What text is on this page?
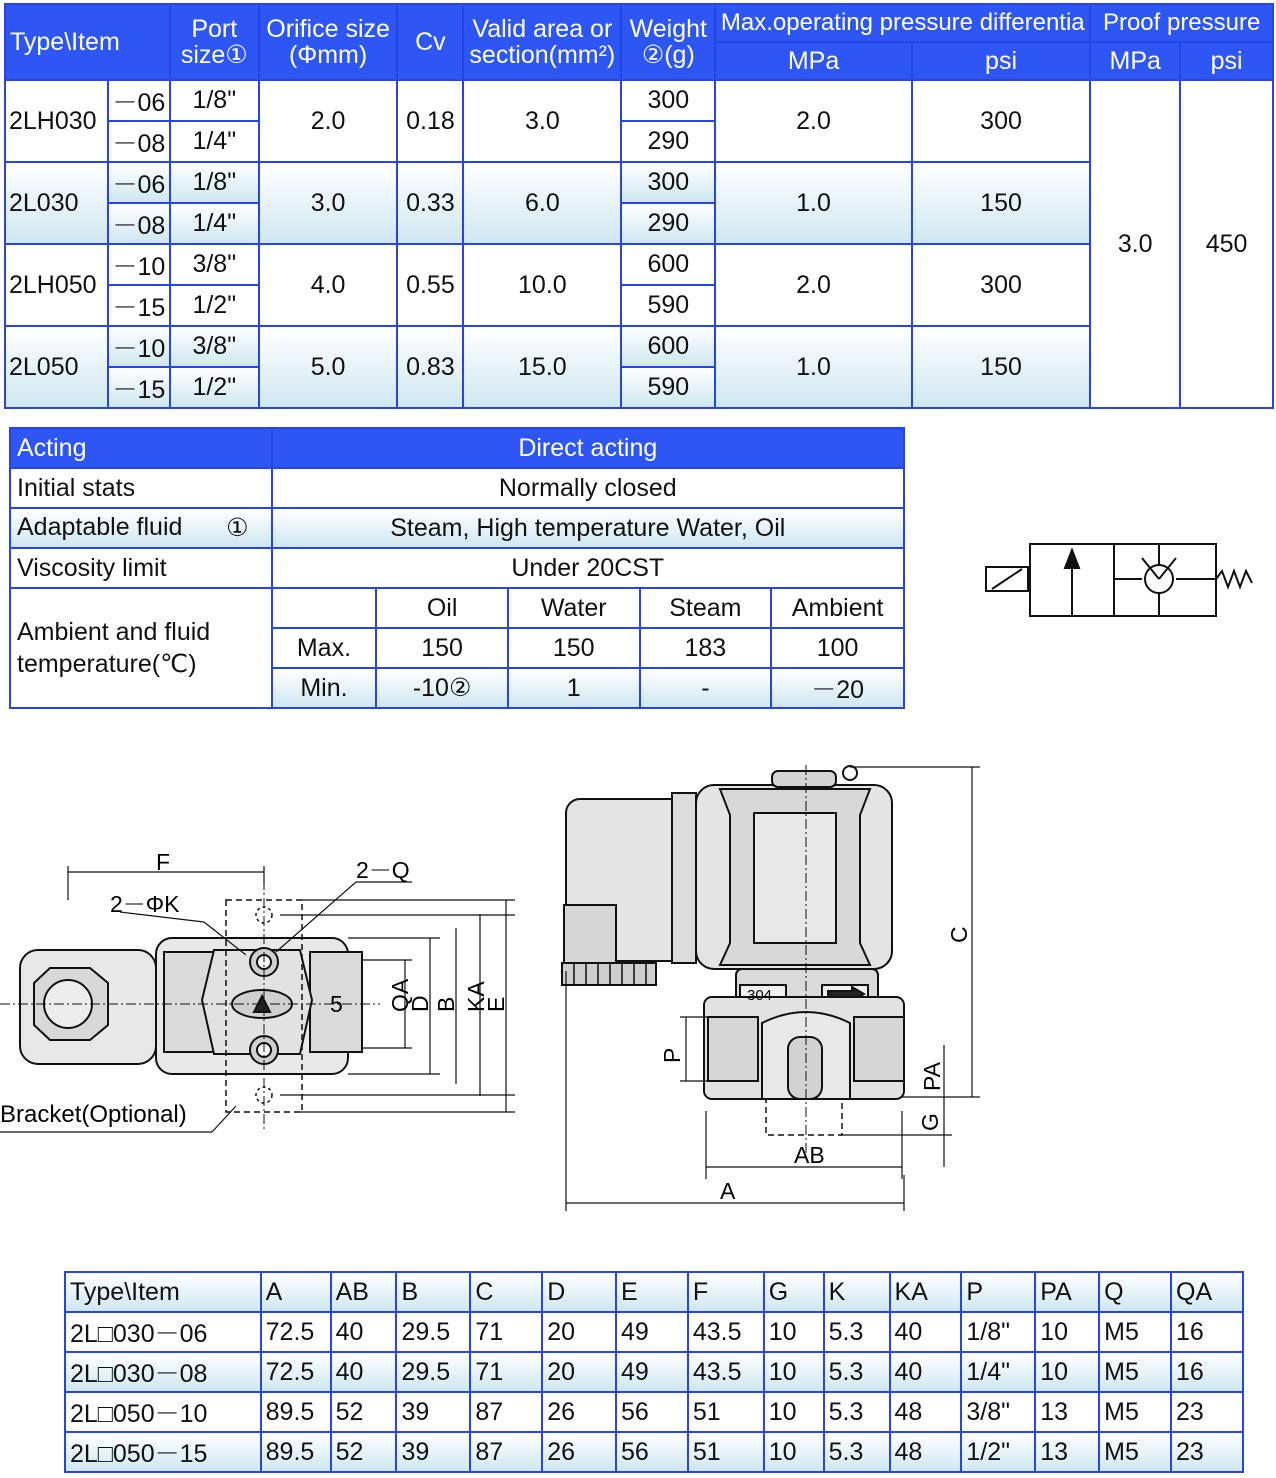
Type\Item		Port size①	Orifice size (Φmm)	Cv	Valid area or section(mm²)	Weight ②(g)	Max.operating pressure differentia		Proof pressure	
							MPa	psi	MPa	psi
2LH030	－06	1/8"	2.0	0.18	3.0	300	2.0	300	3.0	450
	－08	1/4"				290				
2L030	－06	1/8"	3.0	0.33	6.0	300	1.0	150		
	－08	1/4"				290				
2LH050	－10	3/8"	4.0	0.55	10.0	600	2.0	300		
	－15	1/2"				590				
2L050	－10	3/8"	5.0	0.83	15.0	600	1.0	150		
	－15	1/2"				590				
Acting	Direct acting				
Initial stats	Normally closed				
Adaptable fluid ①	Steam, High temperature Water, Oil				
Viscosity limit	Under 20CST				

Ambient and fluid
temperature(℃)		Oil	Water	Steam	Ambient
	Max.	150	150	183	100
	Min.	-10②	1	-	－20
F	2－Q
2－ΦK
5 QA
D B KA
E
Bracket(Optional)
304
C
P
PA
G
AB
A
Type\Item	A	AB	B	C	D	E	F	G	K	KA	P	PA	Q	QA
2L□030－06	72.5	40	29.5	71	20	49	43.5	10	5.3	40	1/8"	10	M5	16
2L□030－08	72.5	40	29.5	71	20	49	43.5	10	5.3	40	1/4"	10	M5	16
2L□050－10	89.5	52	39	87	26	56	51	10	5.3	48	3/8"	13	M5	23
2L□050－15	89.5	52	39	87	26	56	51	10	5.3	48	1/2"	13	M5	23
